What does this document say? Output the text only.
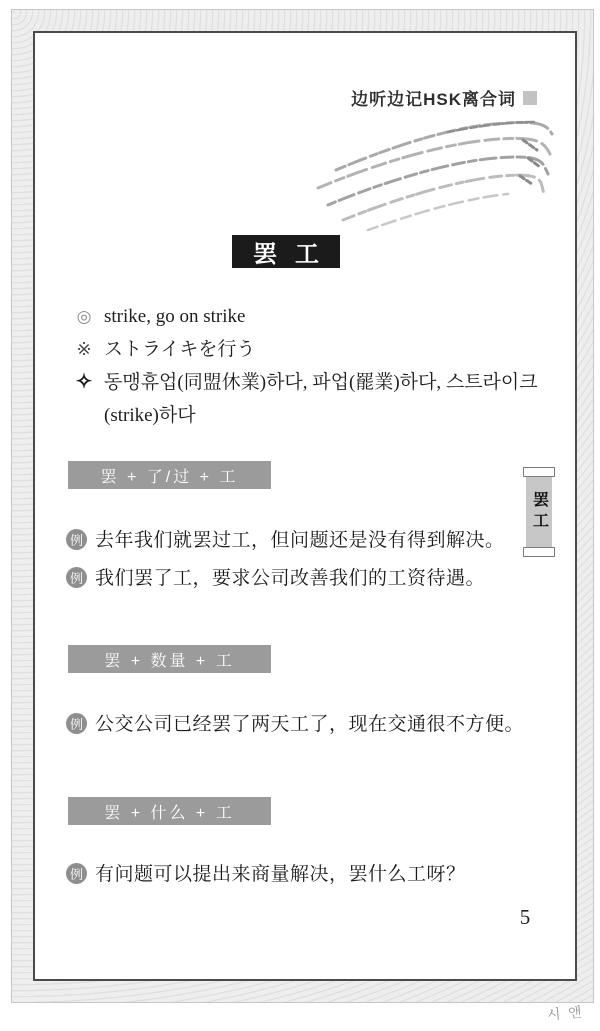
边听边记HSK离合词
罢工
◎ strike, go on strike
※ ストライキを行う
✧ 동맹휴업(同盟休業)하다, 파업(罷業)하다, 스트라이크(strike)하다
罢 + 了/过 + 工
例 去年我们就罢过工，但问题还是没有得到解决。
例 我们罢了工，要求公司改善我们的工资待遇。
罢 + 数量 + 工
例 公交公司已经罢了两天工了，现在交通很不方便。
罢 + 什么 + 工
例 有问题可以提出来商量解决，罢什么工呀？
罢工
5
시 앤
